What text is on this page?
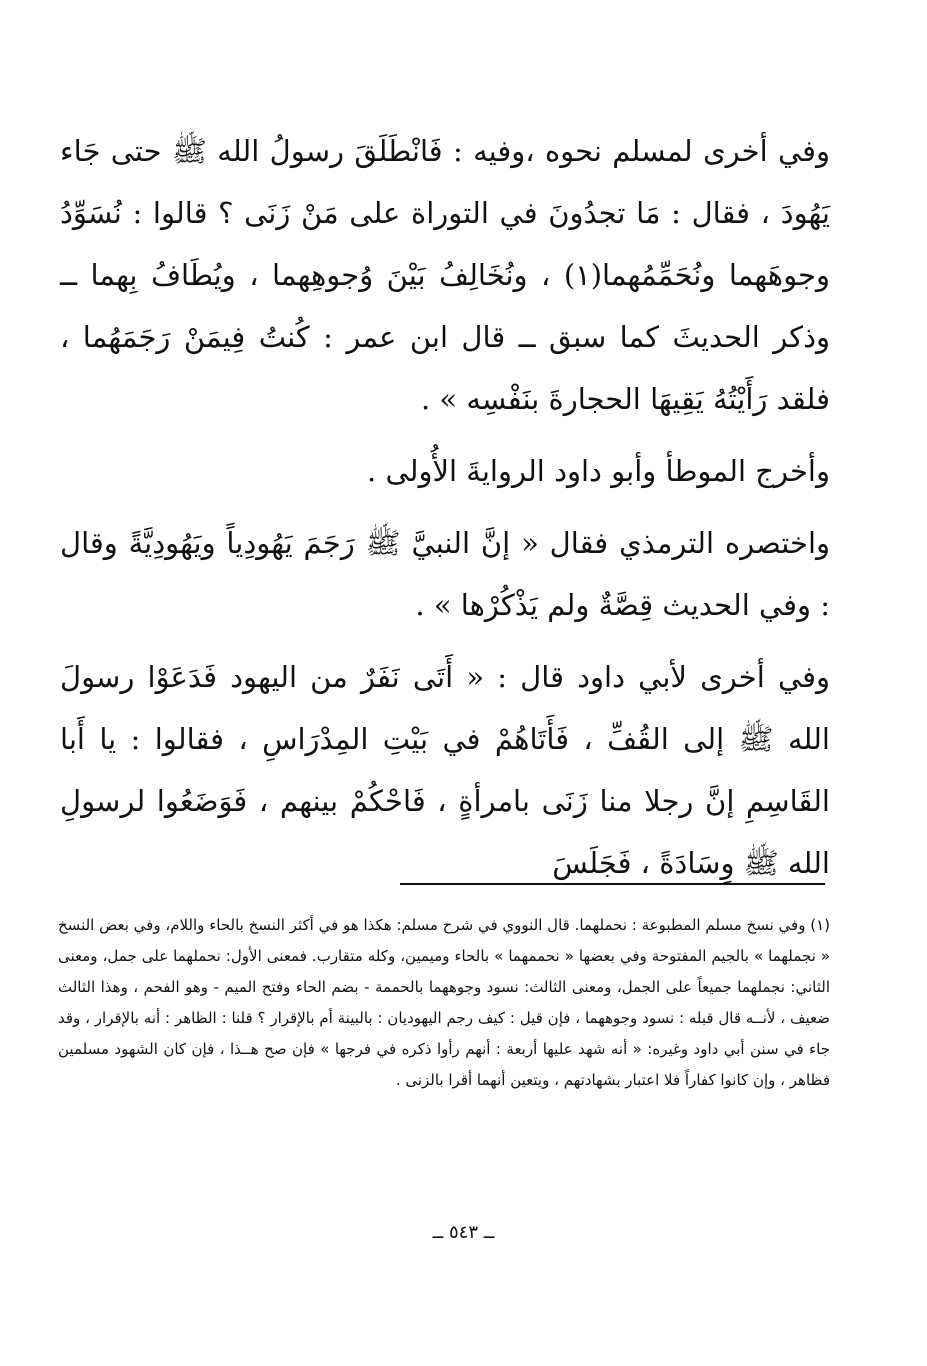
وفي أخرى لمسلم نحوه ،وفيه : فَانْطَلَقَ رسولُ الله ﷺ حتى جَاء يَهُودَ ، فقال : مَا تجدُونَ في التوراة على مَنْ زَنَى ؟ قالوا : نُسَوِّدُ وجوهَهما ونُحَمِّمُهما(١) ، ونُخَالِفُ بَيْنَ وُجوهِهما ، ويُطَافُ بِهما ــ وذكر الحديثَ كما سبق ــ قال ابن عمر : كُنتُ فِيمَنْ رَجَمَهُما ، فلقد رَأَيْتُهُ يَقِيهَا الحجارةَ بنَفْسِه » .

وأخرج الموطأ وأبو داود الروايةَ الأُولى .

واختصره الترمذي فقال « إنَّ النبيَّ ﷺ رَجَمَ يَهُودِياً ويَهُودِيَّةً وقال : وفي الحديث قِصَّةٌ ولم يَذْكُرْها » .

وفي أخرى لأبي داود قال : « أَتَى نَفَرٌ من اليهود فَدَعَوْا رسولَ الله ﷺ إلى القُفِّ ، فَأَتَاهُمْ في بَيْتِ المِدْرَاسِ ، فقالوا : يا أَبا القَاسِمِ إنَّ رجلا منا زَنَى بامرأةٍ ، فَاحْكُمْ بينهم ، فَوَضَعُوا لرسولِ الله ﷺ وِسَادَةً ، فَجَلَسَ

(١) وفي نسخ مسلم المطبوعة : نحملهما. قال النووي في شرح مسلم: هكذا هو في أكثر النسخ بالحاء واللام، وفي بعض النسخ « نجملهما » بالجيم المفتوحة وفي بعضها « نحممهما » بالحاء وميمين، وكله متقارب. فمعنى الأول: نحملهما على جمل، ومعنى الثاني: نجملهما جميعاً على الجمل، ومعنى الثالث: نسود وجوههما بالحممة - بضم الحاء وفتح الميم - وهو الفحم ، وهذا الثالث ضعيف ، لأنــه قال قبله : نسود وجوههما ، فإن قيل : كيف رجم اليهوديان : بالبينة أم بالإقرار ؟ قلنا : الظاهر : أنه بالإقرار ، وقد جاء في سنن أبي داود وغيره: « أنه شهد عليها أربعة : أنهم رأوا ذكره في فرجها » فإن صح هــذا ، فإن كان الشهود مسلمين فظاهر ، وإن كانوا كفاراً فلا اعتبار بشهادتهم ، ويتعين أنهما أقرا بالزنى .
ــ ٥٤٣ ــ
